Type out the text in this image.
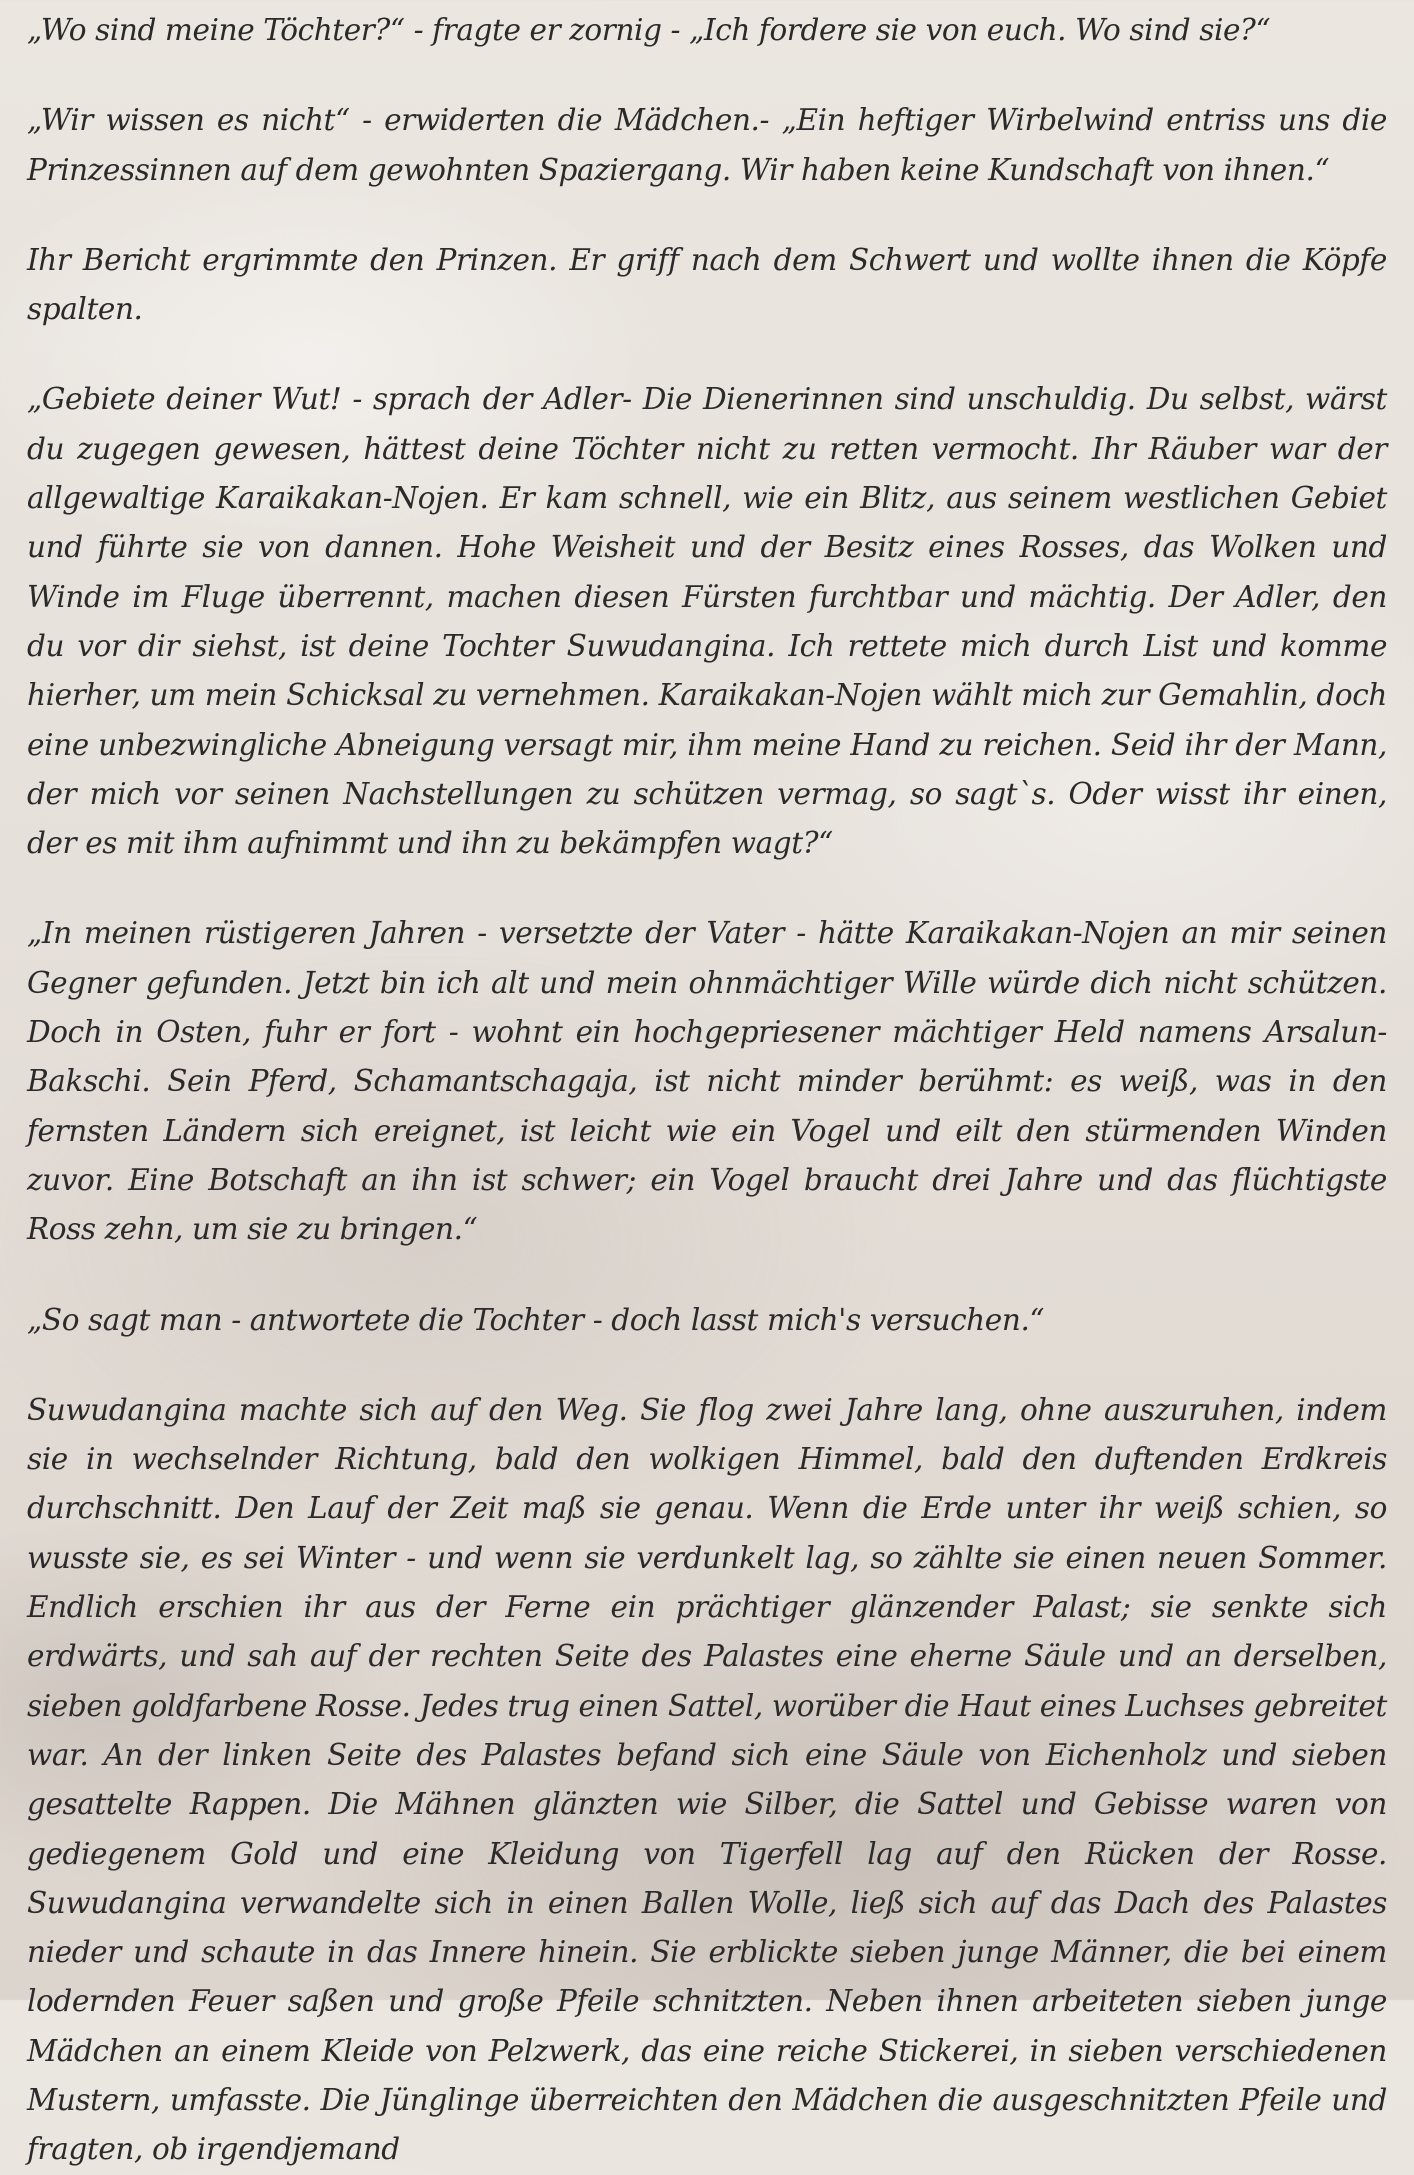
„Wo sind meine Töchter?“ - fragte er zornig - „Ich fordere sie von euch. Wo sind sie?“

„Wir wissen es nicht“ - erwiderten die Mädchen.- „Ein heftiger Wirbelwind entriss uns die Prinzessinnen auf dem gewohnten Spaziergang. Wir haben keine Kundschaft von ihnen.“

Ihr Bericht ergrimmte den Prinzen. Er griff nach dem Schwert und wollte ihnen die Köpfe spalten.

„Gebiete deiner Wut! - sprach der Adler- Die Dienerinnen sind unschuldig. Du selbst, wärst du zugegen gewesen, hättest deine Töchter nicht zu retten vermocht. Ihr Räuber war der allgewaltige Karaikakan-Nojen. Er kam schnell, wie ein Blitz, aus seinem westlichen Gebiet und führte sie von dannen. Hohe Weisheit und der Besitz eines Rosses, das Wolken und Winde im Fluge überrennt, machen diesen Fürsten furchtbar und mächtig. Der Adler, den du vor dir siehst, ist deine Tochter Suwudangina. Ich rettete mich durch List und komme hierher, um mein Schicksal zu vernehmen. Karaikakan-Nojen wählt mich zur Gemahlin, doch eine unbezwingliche Abneigung versagt mir, ihm meine Hand zu reichen. Seid ihr der Mann, der mich vor seinen Nachstellungen zu schützen vermag, so sagt`s. Oder wisst ihr einen, der es mit ihm aufnimmt und ihn zu bekämpfen wagt?“

„In meinen rüstigeren Jahren - versetzte der Vater - hätte Karaikakan-Nojen an mir seinen Gegner gefunden. Jetzt bin ich alt und mein ohnmächtiger Wille würde dich nicht schützen. Doch in Osten, fuhr er fort - wohnt ein hochgepriesener mächtiger Held namens Arsalun-Bakschi. Sein Pferd, Schamantschagaja, ist nicht minder berühmt: es weiß, was in den fernsten Ländern sich ereignet, ist leicht wie ein Vogel und eilt den stürmenden Winden zuvor. Eine Botschaft an ihn ist schwer; ein Vogel braucht drei Jahre und das flüchtigste Ross zehn, um sie zu bringen.“

„So sagt man - antwortete die Tochter - doch lasst mich's versuchen.“

Suwudangina machte sich auf den Weg. Sie flog zwei Jahre lang, ohne auszuruhen, indem sie in wechselnder Richtung, bald den wolkigen Himmel, bald den duftenden Erdkreis durchschnitt. Den Lauf der Zeit maß sie genau. Wenn die Erde unter ihr weiß schien, so wusste sie, es sei Winter - und wenn sie verdunkelt lag, so zählte sie einen neuen Sommer. Endlich erschien ihr aus der Ferne ein prächtiger glänzender Palast; sie senkte sich erdwärts, und sah auf der rechten Seite des Palastes eine eherne Säule und an derselben, sieben goldfarbene Rosse. Jedes trug einen Sattel, worüber die Haut eines Luchses gebreitet war. An der linken Seite des Palastes befand sich eine Säule von Eichenholz und sieben gesattelte Rappen. Die Mähnen glänzten wie Silber, die Sattel und Gebisse waren von gediegenem Gold und eine Kleidung von Tigerfell lag auf den Rücken der Rosse. Suwudangina verwandelte sich in einen Ballen Wolle, ließ sich auf das Dach des Palastes nieder und schaute in das Innere hinein. Sie erblickte sieben junge Männer, die bei einem lodernden Feuer saßen und große Pfeile schnitzten. Neben ihnen arbeiteten sieben junge Mädchen an einem Kleide von Pelzwerk, das eine reiche Stickerei, in sieben verschiedenen Mustern, umfasste. Die Jünglinge überreichten den Mädchen die ausgeschnitzten Pfeile und fragten, ob irgendjemand
